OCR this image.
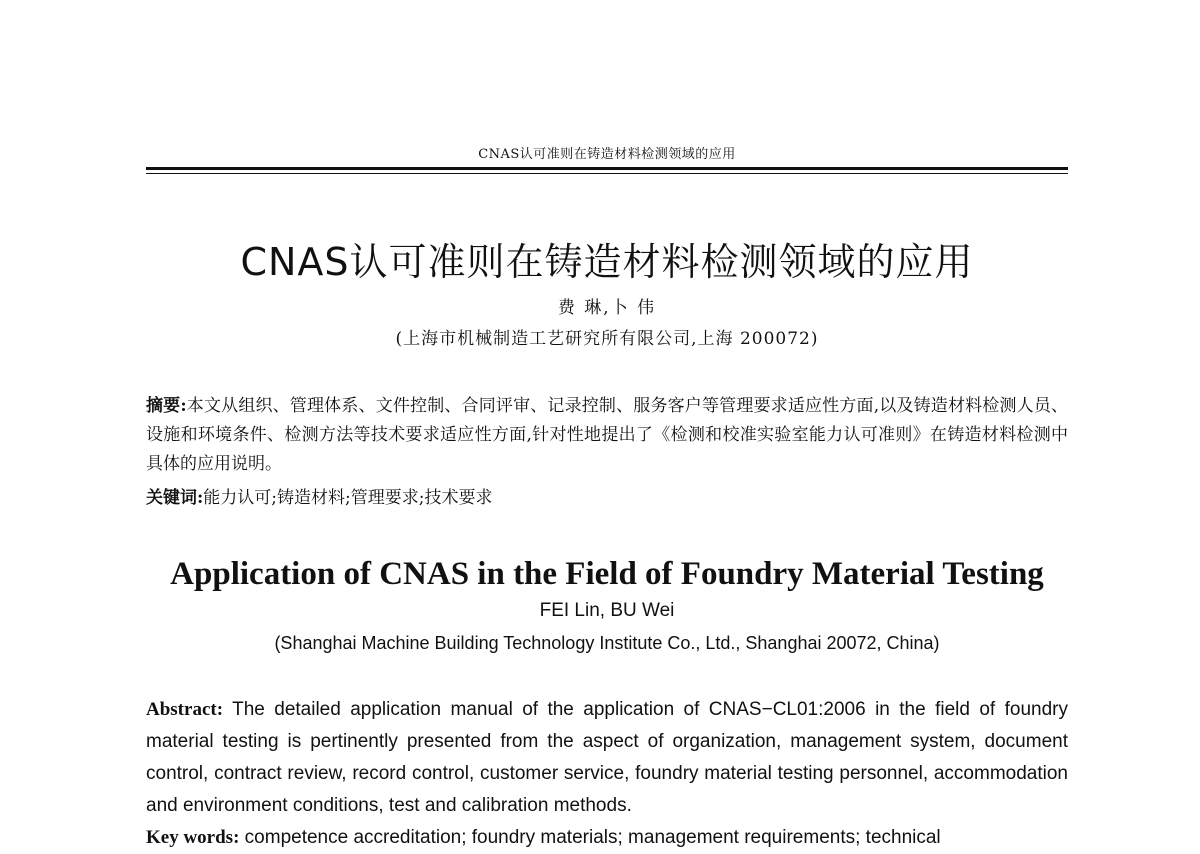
CNAS认可准则在铸造材料检测领域的应用
CNAS认可准则在铸造材料检测领域的应用
费 琳,卜 伟
(上海市机械制造工艺研究所有限公司,上海 200072)
摘要:本文从组织、管理体系、文件控制、合同评审、记录控制、服务客户等管理要求适应性方面,以及铸造材料检测人员、设施和环境条件、检测方法等技术要求适应性方面,针对性地提出了《检测和校准实验室能力认可准则》在铸造材料检测中具体的应用说明。
关键词:能力认可;铸造材料;管理要求;技术要求
Application of CNAS in the Field of Foundry Material Testing
FEI Lin, BU Wei
(Shanghai Machine Building Technology Institute Co., Ltd., Shanghai 20072, China)
Abstract: The detailed application manual of the application of CNAS−CL01:2006 in the field of foundry material testing is pertinently presented from the aspect of organization, management system, document control, contract review, record control, customer service, foundry material testing personnel, accommodation and environment conditions, test and calibration methods.
Key words: competence accreditation; foundry materials; management requirements; technical
